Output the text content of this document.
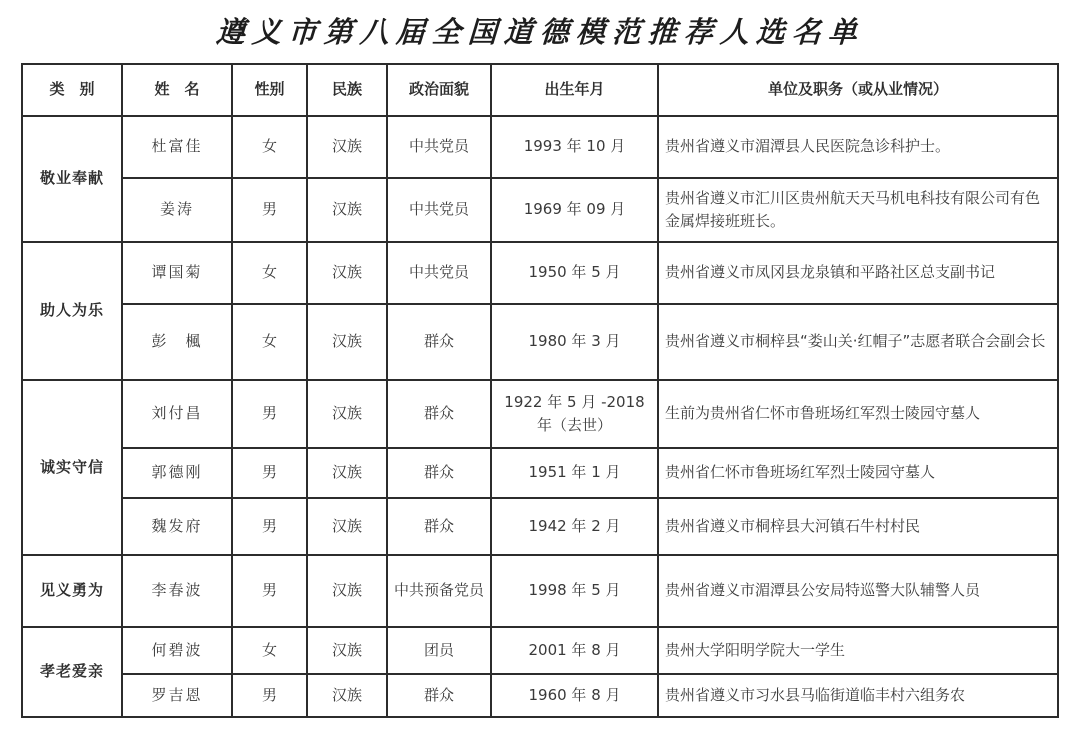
遵义市第八届全国道德模范推荐人选名单
类　别	姓　名	性别	民族	政治面貌	出生年月	单位及职务（或从业情况）
敬业奉献	杜富佳	女	汉族	中共党员	1993 年 10 月	贵州省遵义市湄潭县人民医院急诊科护士。
	姜涛	男	汉族	中共党员	1969 年 09 月	贵州省遵义市汇川区贵州航天天马机电科技有限公司有色金属焊接班班长。
助人为乐	谭国菊	女	汉族	中共党员	1950 年 5 月	贵州省遵义市凤冈县龙泉镇和平路社区总支副书记
	彭　楓	女	汉族	群众	1980 年 3 月	贵州省遵义市桐梓县“娄山关·红帽子”志愿者联合会副会长
诚实守信	刘付昌	男	汉族	群众	1922 年 5 月 -2018 年（去世）	生前为贵州省仁怀市鲁班场红军烈士陵园守墓人
	郭德刚	男	汉族	群众	1951 年 1 月	贵州省仁怀市鲁班场红军烈士陵园守墓人
	魏发府	男	汉族	群众	1942 年 2 月	贵州省遵义市桐梓县大河镇石牛村村民
见义勇为	李春波	男	汉族	中共预备党员	1998 年 5 月	贵州省遵义市湄潭县公安局特巡警大队辅警人员
孝老爱亲	何碧波	女	汉族	团员	2001 年 8 月	贵州大学阳明学院大一学生
	罗吉恩	男	汉族	群众	1960 年 8 月	贵州省遵义市习水县马临街道临丰村六组务农
